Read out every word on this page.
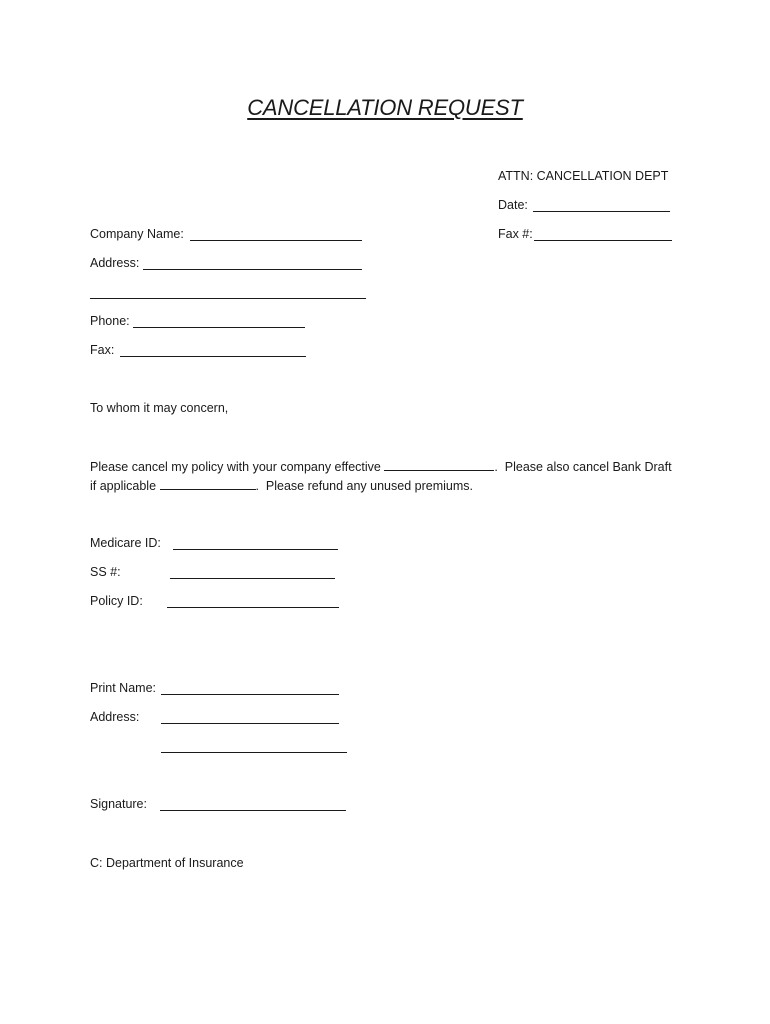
CANCELLATION REQUEST
ATTN: CANCELLATION DEPT
Date:
Fax #:
Company Name:
Address:
Phone:
Fax:
To whom it may concern,
Please cancel my policy with your company effective	.  Please also cancel Bank Draft
if applicable	.  Please refund any unused premiums.
Medicare ID:
SS #:
Policy ID:
Print Name:
Address:
Signature:
C: Department of Insurance
